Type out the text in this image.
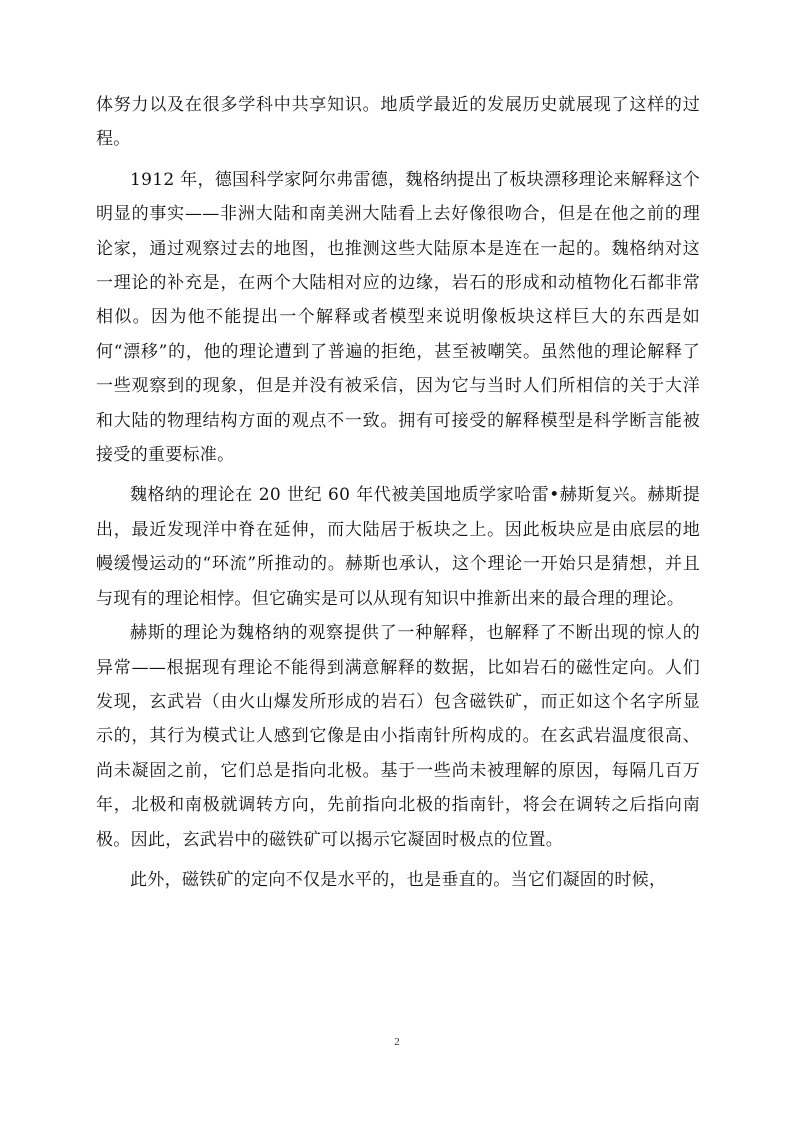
体努力以及在很多学科中共享知识。地质学最近的发展历史就展现了这样的过程。

1912 年，德国科学家阿尔弗雷德，魏格纳提出了板块漂移理论来解释这个明显的事实——非洲大陆和南美洲大陆看上去好像很吻合，但是在他之前的理论家，通过观察过去的地图，也推测这些大陆原本是连在一起的。魏格纳对这一理论的补充是，在两个大陆相对应的边缘，岩石的形成和动植物化石都非常相似。因为他不能提出一个解释或者模型来说明像板块这样巨大的东西是如何“漂移”的，他的理论遭到了普遍的拒绝，甚至被嘲笑。虽然他的理论解释了一些观察到的现象，但是并没有被采信，因为它与当时人们所相信的关于大洋和大陆的物理结构方面的观点不一致。拥有可接受的解释模型是科学断言能被接受的重要标准。

魏格纳的理论在 20 世纪 60 年代被美国地质学家哈雷•赫斯复兴。赫斯提出，最近发现洋中脊在延伸，而大陆居于板块之上。因此板块应是由底层的地幔缓慢运动的“环流”所推动的。赫斯也承认，这个理论一开始只是猜想，并且与现有的理论相悖。但它确实是可以从现有知识中推新出来的最合理的理论。

赫斯的理论为魏格纳的观察提供了一种解释，也解释了不断出现的惊人的异常——根据现有理论不能得到满意解释的数据，比如岩石的磁性定向。人们发现，玄武岩（由火山爆发所形成的岩石）包含磁铁矿，而正如这个名字所显示的，其行为模式让人感到它像是由小指南针所构成的。在玄武岩温度很高、尚未凝固之前，它们总是指向北极。基于一些尚未被理解的原因，每隔几百万年，北极和南极就调转方向，先前指向北极的指南针，将会在调转之后指向南极。因此，玄武岩中的磁铁矿可以揭示它凝固时极点的位置。

此外，磁铁矿的定向不仅是水平的，也是垂直的。当它们凝固的时候，

2
